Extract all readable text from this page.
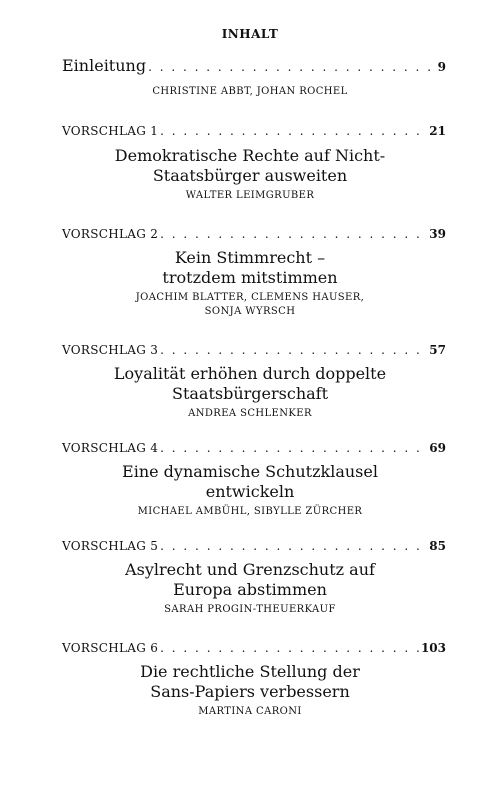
INHALT
Einleitung . . .	9
CHRISTINE ABBT, JOHAN ROCHEL
VORSCHLAG 1 . . .	21
Demokratische Rechte auf Nicht-
Staatsbürger ausweiten
WALTER LEIMGRUBER
VORSCHLAG 2 . . .	39
Kein Stimmrecht –
trotzdem mitstimmen
JOACHIM BLATTER, CLEMENS HAUSER,
SONJA WYRSCH
VORSCHLAG 3 . . .	57
Loyalität erhöhen durch doppelte
Staatsbürgerschaft
ANDREA SCHLENKER
VORSCHLAG 4 . . .	69
Eine dynamische Schutzklausel
entwickeln
MICHAEL AMBÜHL, SIBYLLE ZÜRCHER
VORSCHLAG 5 . . .	85
Asylrecht und Grenzschutz auf
Europa abstimmen
SARAH PROGIN-THEUERKAUF
VORSCHLAG 6 . . .	103
Die rechtliche Stellung der
Sans-Papiers verbessern
MARTINA CARONI
